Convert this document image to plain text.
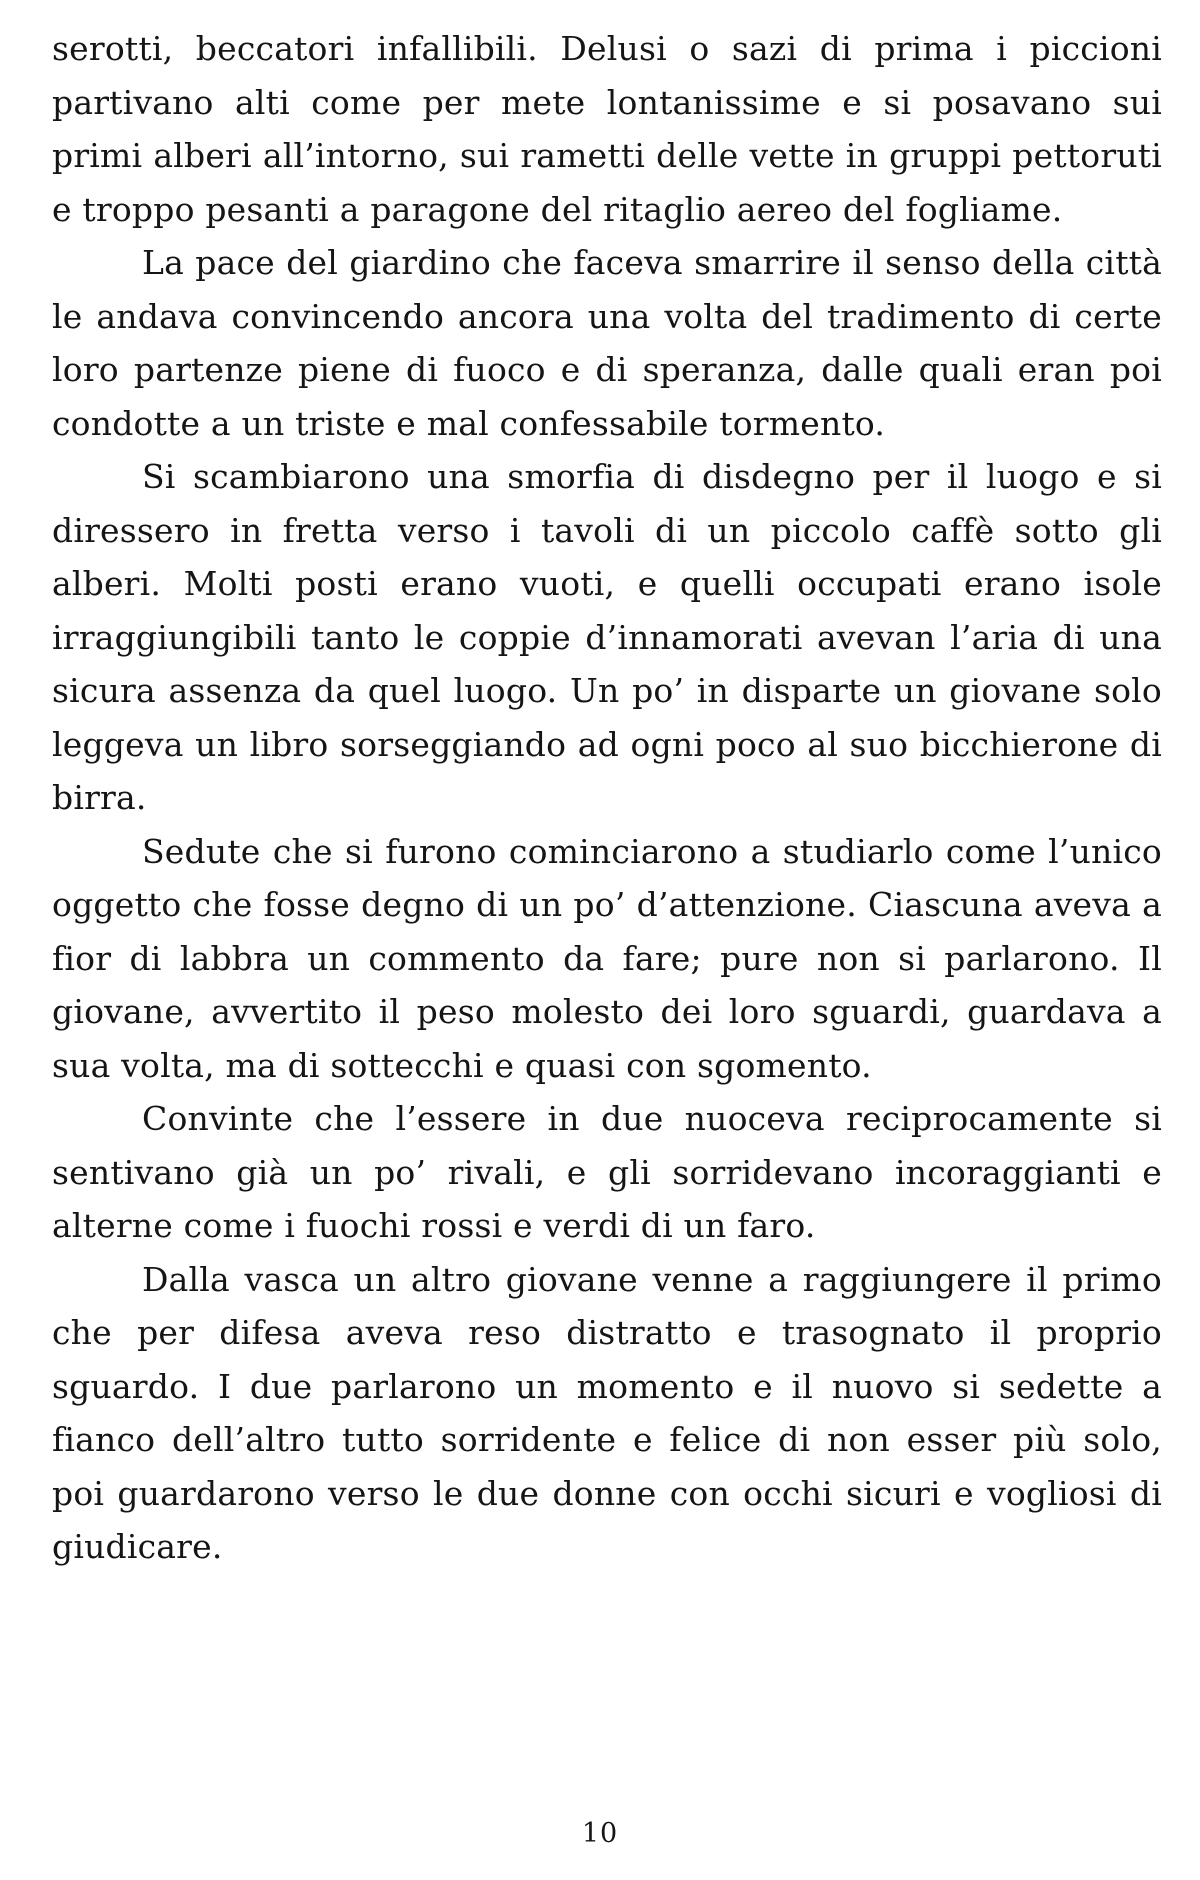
serotti, beccatori infallibili. Delusi o sazi di prima i piccioni partivano alti come per mete lontanissime e si posavano sui primi alberi all’intorno, sui rametti delle vette in gruppi pettoruti e troppo pesanti a paragone del ritaglio aereo del fogliame.

La pace del giardino che faceva smarrire il senso della città le andava convincendo ancora una volta del tradimento di certe loro partenze piene di fuoco e di speranza, dalle quali eran poi condotte a un triste e mal confessabile tormento.

Si scambiarono una smorfia di disdegno per il luogo e si diressero in fretta verso i tavoli di un piccolo caffè sotto gli alberi. Molti posti erano vuoti, e quelli occupati erano isole irraggiungibili tanto le coppie d’innamorati avevan l’aria di una sicura assenza da quel luogo. Un po’ in disparte un giovane solo leggeva un libro sorseggiando ad ogni poco al suo bicchierone di birra.

Sedute che si furono cominciarono a studiarlo come l’unico oggetto che fosse degno di un po’ d’attenzione. Ciascuna aveva a fior di labbra un commento da fare; pure non si parlarono. Il giovane, avvertito il peso molesto dei loro sguardi, guardava a sua volta, ma di sottecchi e quasi con sgomento.

Convinte che l’essere in due nuoceva reciprocamente si sentivano già un po’ rivali, e gli sorridevano incoraggianti e alterne come i fuochi rossi e verdi di un faro.

Dalla vasca un altro giovane venne a raggiungere il primo che per difesa aveva reso distratto e trasognato il proprio sguardo. I due parlarono un momento e il nuovo si sedette a fianco dell’altro tutto sorridente e felice di non esser più solo, poi guardarono verso le due donne con occhi sicuri e vogliosi di giudicare.

10
